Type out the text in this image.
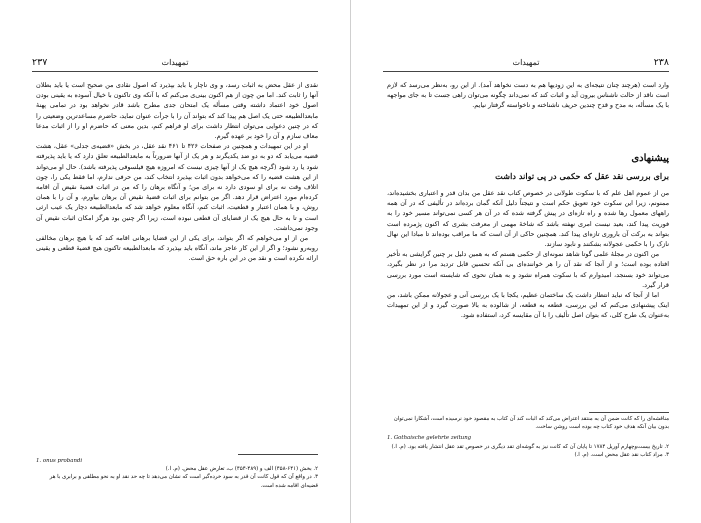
۲۳۷	تمهیدات

نقدی از عقل محض به اثبات رسد، و وی ناچار یا باید بپذیرد که اصول نقادی من صحیح است یا باید بطلان آنها را ثابت کند. اما من چون از هم اکنون بینی‌ی می‌کنم که با آنکه وی تاکنون با خیال آسوده به یقینی بودن اصول خود اعتماد داشته وقتی مسأله یک امتحان جدی مطرح باشد قادر نخواهد بود در تمامی پهنهٔ مابعدالطبیعه حتی یک اصل هم پیدا کند که بتواند آن را با جرأت عنوان نماید، حاضرم مساعدترین وضعیتی را که در چنین دعوایی می‌توان انتظار داشت برای او فراهم کنم، بدین معنی که حاضرم او را از اثبات مدعا معاف سازم و آن را خود بر عهده گیرم.

او در این تمهیدات و همچنین در صفحات ۴۲۶ تا ۴۶۱ نقد عقل، در بخش «قضیه‌ی جدلی» عقل، هشت قضیه می‌یابد که دو به دو ضد یکدیگرند و هر یک از آنها ضرورتاً به مابعدالطبیعه تعلق دارد که یا باید پذیرفته شود یا رد شود (گرچه هیچ یک از آنها چیزی نیست که امروزه هیچ فیلسوفی پذیرفته باشد). حال او می‌تواند از این هشت قضیه را که می‌خواهد بدون اثبات بپذیرد انتخاب کند، من حرفی ندارم، اما فقط یکی را، چون اتلاف وقت نه برای او سودی دارد نه برای من؛ و آنگاه برهان را که من در اثبات قضیهٔ نقیض آن اقامه کرده‌ام مورد اعتراض قرار دهد. اگر من بتوانم برای اثبات قضیهٔ نقیض آن برهان بیاورم، و آن را با همان روش، و با همان اعتبار و قطعیت، اثبات کنم، آنگاه معلوم خواهد شد که مابعدالطبیعه دچار یک عیب ارثی است و تا به حال هیچ یک از قضایای آن قطعی نبوده است، زیرا اگر چنین بود هرگز امکان اثبات نقیض آن وجود نمی‌داشت.

من از او می‌خواهم که اگر بتواند، برای یکی از این قضایا برهانی اقامه کند که با هیچ برهان مخالفی روبه‌رو نشود؛ و اگر از این کار عاجز ماند، آنگاه باید بپذیرد که مابعدالطبیعه تاکنون هیچ قضیهٔ قطعی و یقینی ارائه نکرده است و نقد من در این باره حق است.

1. onus probandi

۲. بخش (۶۴۱-۴۵۸) الف و (۴۸۹-۴۵۴) ب، تعارض عقل محض. (م. ا.)

۳. در واقع آن که قول کانت آن قدر به سود خرده‌گیر است که نشان می‌دهد تا چه حد نقد او به نحو مطلقی و برابری با هر قضیه‌ای اقامه شده است.

۲۳۸
تمهیدات

وارد است (هرچند چنان نتیجه‌ای به این زودیها هم به دست نخواهد آمد). از این رو، به‌نظر می‌رسد که لازم است ناقد از حالت ناشناس بیرون آید و اثبات کند که نمی‌داند چگونه می‌توان راهی جست تا به جای مواجهه با یک مسأله، به مدح و قدح چندین حریف ناشناخته و ناخواسته گرفتار نیایم.

پیشنهادی
برای بررسی نقد عقل که حکمی در پی تواند داشت

من از عموم اهل علم که با سکوت طولانی در خصوص کتاب نقد عقل من بدان قدر و اعتباری بخشیده‌اند، ممنونم، زیرا این سکوت خود تعویق حکم است و نتیجتاً دلیل آنکه گمان برده‌اند در تألیفی که در آن همه راههای معمول رها شده و راه تازه‌ای در پیش گرفته شده که در آن هر کسی نمی‌تواند مسیر خود را به فوریت پیدا کند، بعید نیست امری نهفته باشد که شاخهٔ مهمی از معرفت بشری که اکنون پژمرده است بتواند به برکت آن باروری تازه‌ای پیدا کند. همچنین حاکی از آن است که ما مراقب بوده‌اند تا مبادا این نهال نازک را با حکمی عجولانه بشکنند و نابود سازند.

من اکنون در مجلهٔ علمی گوتا شاهد نمونه‌ای از حکمی هستم که به همین دلیل بر چنین گرایشی به تأخیر افتاده بوده است؛ و از آنجا که نقد آن را هر خواننده‌ای بی آنکه تحسین قابل تردید مرا در نظر بگیرد، می‌تواند خود بسنجد، امیدوارم که با سکوت همراه نشود و به همان نحوی که شایسته است مورد بررسی قرار گیرد.

اما از آنجا که نباید انتظار داشت یک ساختمان عظیم، یکجا با یک بررسی آنی و عجولانه ممکن باشد، من اینک پیشنهادی می‌کنم که این بررسی، قطعه به قطعه، از شالوده به بالا صورت گیرد و از این تمهیدات به‌عنوان یک طرح کلی، که بتوان اصل تألیف را با آن مقایسه کرد، استفاده شود.

مناقشه‌ای را که کانت ضمن آن به منتقد اعتراض می‌کند که اثبات کند آن کتاب به مقصود خود نرسیده است، آشکارا نمی‌توان بدون بیان آنکه هدف خود کتاب چه بوده است روشن ساخت.

1. Gothaische gelehrte zeitung

۲. تاریخ بیست‌وچهارم آوریل ۱۷۸۴ تا پایان آن که کانت نیز به گوشه‌ای تقد دیگری در خصوص تقد عقل انتشار یافته بود. (م. ا.)

۳. مراد کتاب نقد عقل محض است. (م. ا.)
